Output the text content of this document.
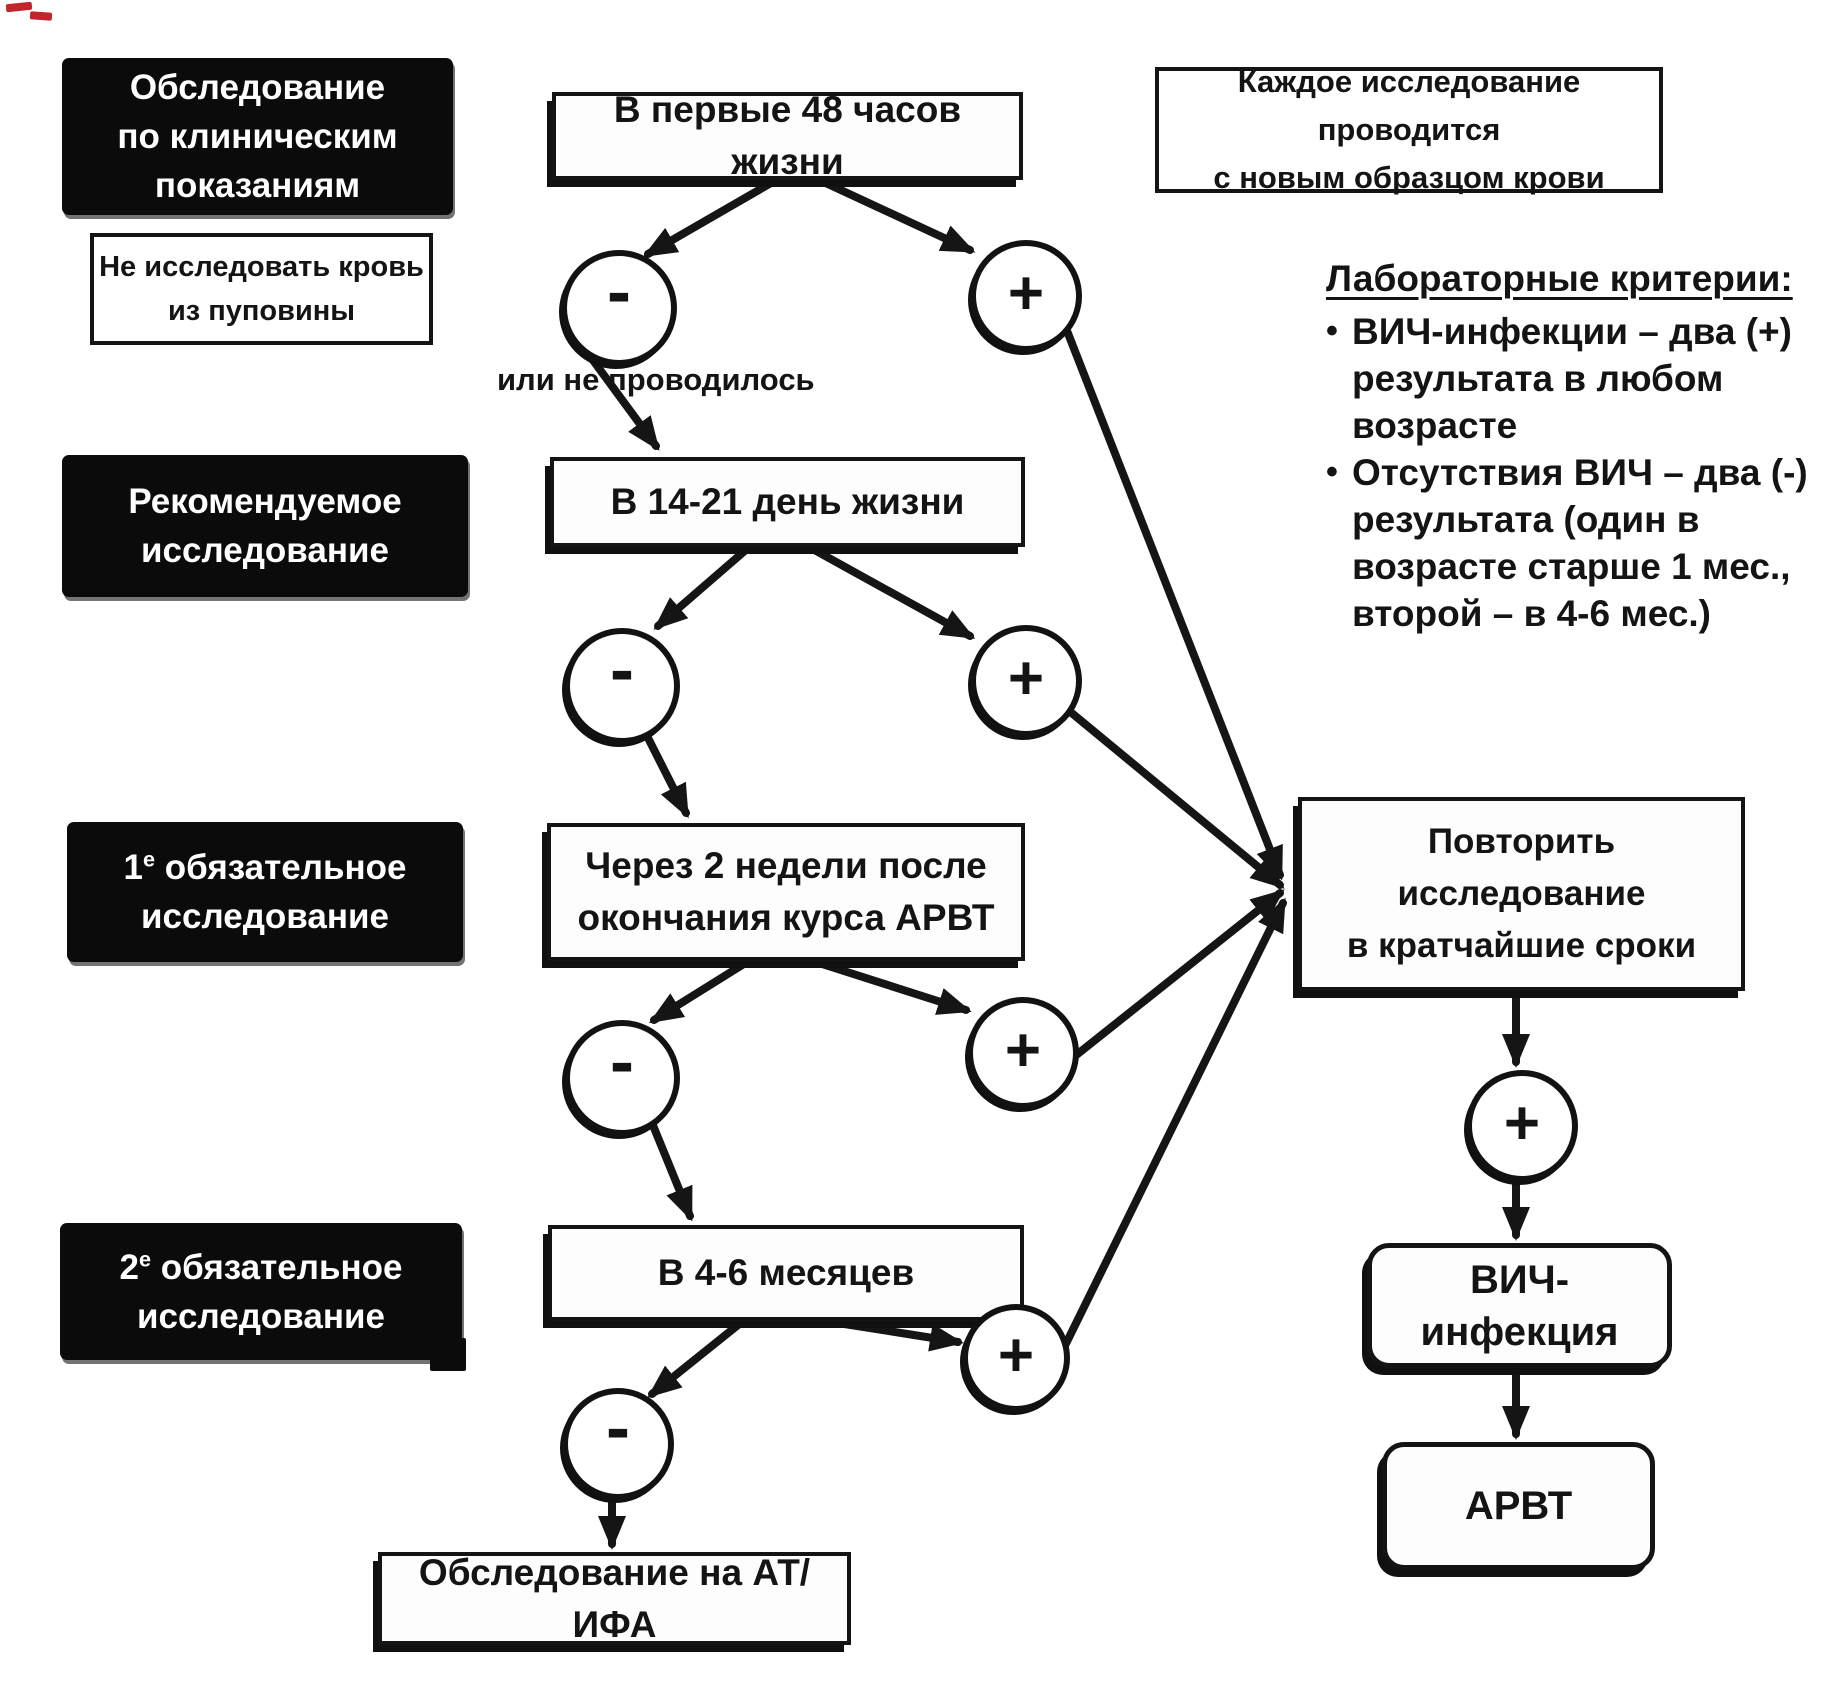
Обследование
по клиническим
показаниям
Не исследовать кровь
из пуповины
Рекомендуемое
исследование
$1^е$ обязательное
исследование
$2^е$ обязательное
исследование
В первые 48 часов жизни
В 14-21 день жизни
Через 2 недели после
окончания курса АРВТ
В 4-6 месяцев
Обследование на АТ/ИФА
или не проводилось
Каждое исследование проводится
с новым образцом крови
Лабораторные критерии:
• ВИЧ-инфекции – два (+)
результата в любом
возрасте
• Отсутствия ВИЧ – два (-)
результата (один в
возрасте старше 1 мес.,
второй – в 4-6 мес.)
Повторить
исследование
в кратчайшие сроки
ВИЧ-инфекция
АРВТ
-
-
-
-
+
+
+
+
+
